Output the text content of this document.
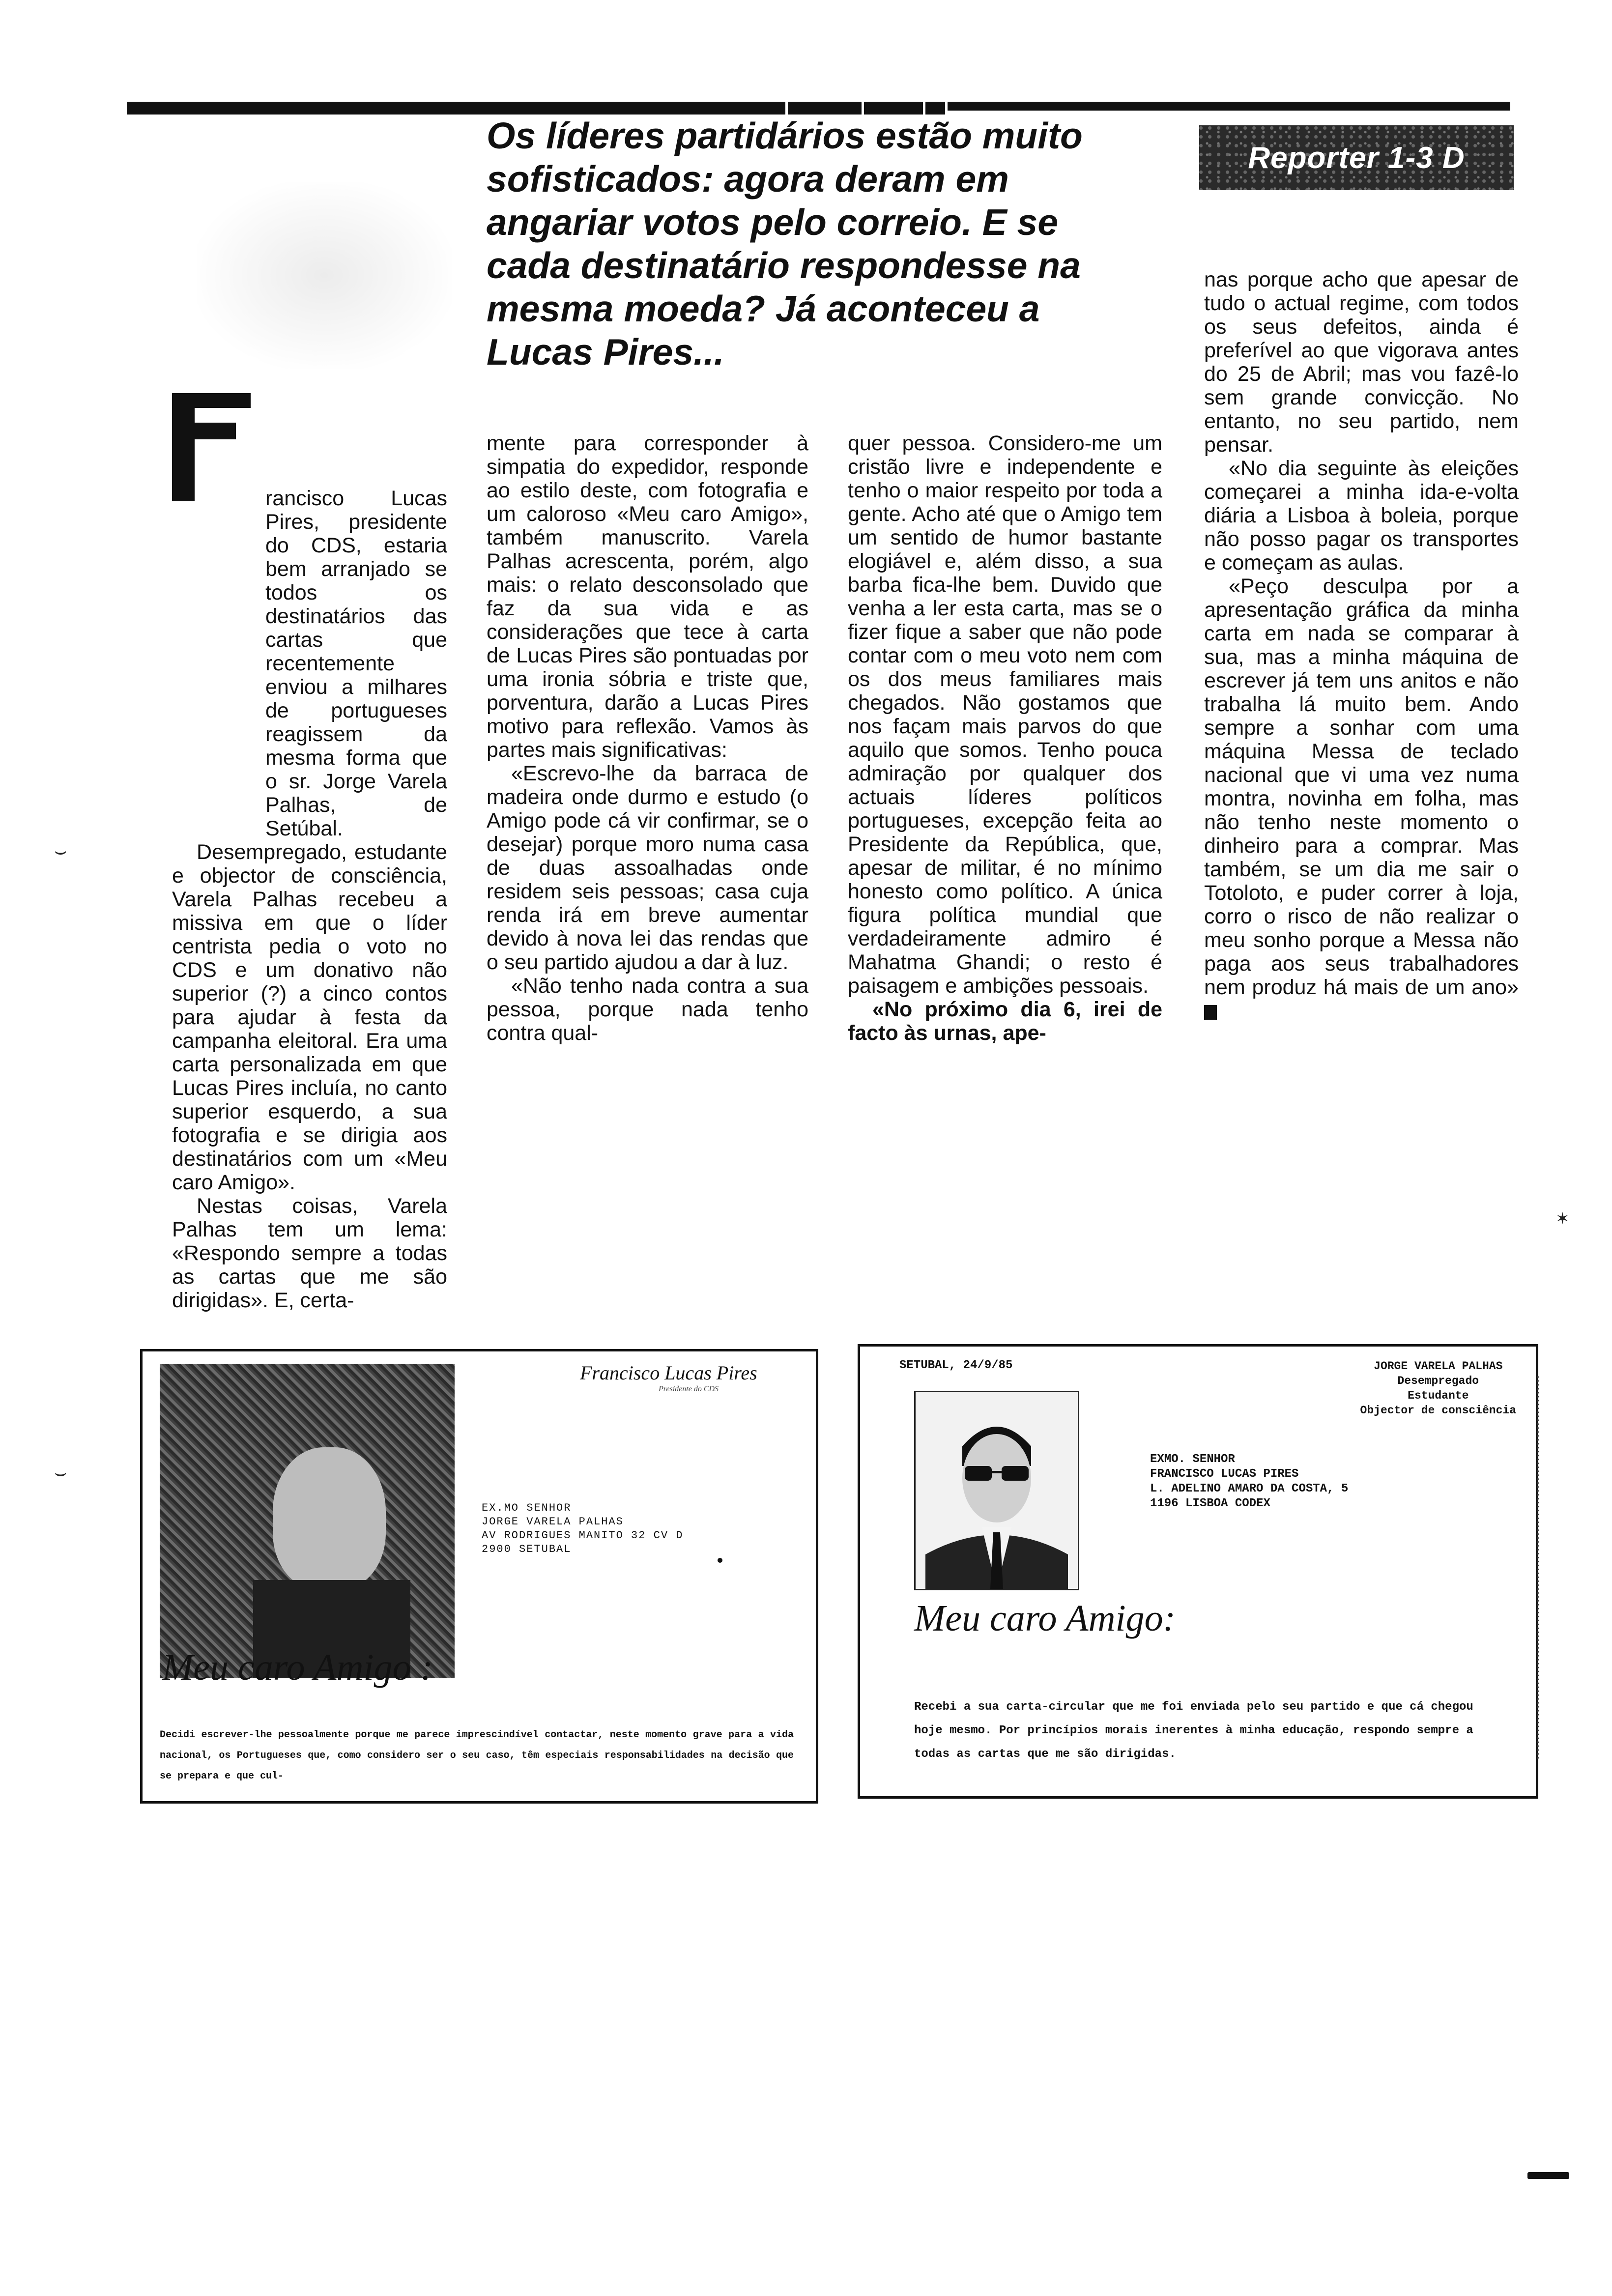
Os líderes partidários estão muito sofisticados: agora deram em angariar votos pelo correio. E se cada destinatário respondesse na mesma moeda? Já aconteceu a Lucas Pires...
Reporter 1-3 D

rancisco Lucas Pires, presidente do CDS, estaria bem arranjado se todos os destinatários das cartas que recentemente enviou a milhares de portugueses reagissem da mesma forma que o sr. Jorge Varela Palhas, de Setúbal.

Desempregado, estudante e objector de consciência, Varela Palhas recebeu a missiva em que o líder centrista pedia o voto no CDS e um donativo não superior (?) a cinco contos para ajudar à festa da campanha eleitoral. Era uma carta personalizada em que Lucas Pires incluía, no canto superior esquerdo, a sua fotografia e se dirigia aos destinatários com um «Meu caro Amigo».

Nestas coisas, Varela Palhas tem um lema: «Respondo sempre a todas as cartas que me são dirigidas». E, certa-

mente para corresponder à simpatia do expedidor, responde ao estilo deste, com fotografia e um caloroso «Meu caro Amigo», também manuscrito. Varela Palhas acrescenta, porém, algo mais: o relato desconsolado que faz da sua vida e as considerações que tece à carta de Lucas Pires são pontuadas por uma ironia sóbria e triste que, porventura, darão a Lucas Pires motivo para reflexão. Vamos às partes mais significativas:

«Escrevo-lhe da barraca de madeira onde durmo e estudo (o Amigo pode cá vir confirmar, se o desejar) porque moro numa casa de duas assoalhadas onde residem seis pessoas; casa cuja renda irá em breve aumentar devido à nova lei das rendas que o seu partido ajudou a dar à luz.

«Não tenho nada contra a sua pessoa, porque nada tenho contra qual-

quer pessoa. Considero-me um cristão livre e independente e tenho o maior respeito por toda a gente. Acho até que o Amigo tem um sentido de humor bastante elogiável e, além disso, a sua barba fica-lhe bem. Duvido que venha a ler esta carta, mas se o fizer fique a saber que não pode contar com o meu voto nem com os dos meus familiares mais chegados. Não gostamos que nos façam mais parvos do que aquilo que somos. Tenho pouca admiração por qualquer dos actuais líderes políticos portugueses, excepção feita ao Presidente da República, que, apesar de militar, é no mínimo honesto como político. A única figura política mundial que verdadeiramente admiro é Mahatma Ghandi; o resto é paisagem e ambições pessoais.

«No próximo dia 6, irei de facto às urnas, ape-

nas porque acho que apesar de tudo o actual regime, com todos os seus defeitos, ainda é preferível ao que vigorava antes do 25 de Abril; mas vou fazê-lo sem grande convicção. No entanto, no seu partido, nem pensar.

«No dia seguinte às eleições começarei a minha ida-e-volta diária a Lisboa à boleia, porque não posso pagar os transportes e começam as aulas.

«Peço desculpa por a apresentação gráfica da minha carta em nada se comparar à sua, mas a minha máquina de escrever já tem uns anitos e não trabalha lá muito bem. Ando sempre a sonhar com uma máquina Messa de teclado nacional que vi uma vez numa montra, novinha em folha, mas não tenho neste momento o dinheiro para a comprar. Mas também, se um dia me sair o Totoloto, e puder correr à loja, corro o risco de não realizar o meu sonho porque a Messa não paga aos seus trabalhadores nem produz há mais de um ano»

Francisco Lucas Pires
Presidente do CDS
EX.MO SENHOR
JORGE VARELA PALHAS
AV RODRIGUES MANITO 32 CV D
2900 SETUBAL
Meu caro Amigo :
Decidi escrever-lhe pessoalmente porque me parece imprescindível contactar, neste momento grave para a vida nacional, os Portugueses que, como considero ser o seu caso, têm especiais responsabilidades na decisão que se prepara e que cul-
SETUBAL, 24/9/85	JORGE VARELA PALHAS
Desempregado
Estudante
Objector de consciência
EXMO. SENHOR
FRANCISCO LUCAS PIRES
L. ADELINO AMARO DA COSTA, 5
1196 LISBOA CODEX
Meu caro Amigo:
Recebi a sua carta-circular que me foi enviada pelo seu partido e que cá chegou hoje mesmo. Por princípios morais inerentes à minha educação, respondo sempre a todas as cartas que me são dirigidas.
⌣
⌣
✶
